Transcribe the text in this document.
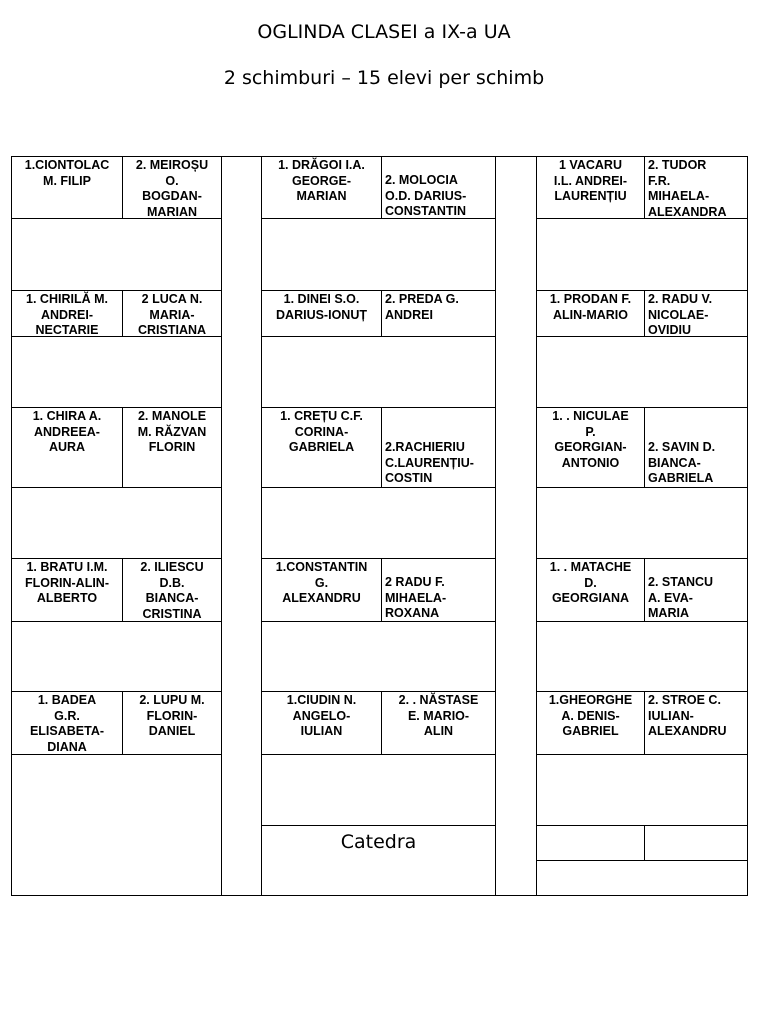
OGLINDA CLASEI a IX-a UA
2 schimburi – 15 elevi per schimb
1.CIONTOLAC
M. FILIP
2. MEIROȘU
O.
BOGDAN-
MARIAN
1. DRĂGOI I.A.
GEORGE-
MARIAN
2. MOLOCIA
O.D. DARIUS-
CONSTANTIN
1 VACARU
I.L. ANDREI-
LAURENȚIU
2. TUDOR
F.R.
MIHAELA-
ALEXANDRA
1. CHIRILĂ M.
ANDREI-
NECTARIE
2 LUCA N.
MARIA-
CRISTIANA
1. DINEI S.O.
DARIUS-IONUȚ
2. PREDA G.
ANDREI
1. PRODAN F.
ALIN-MARIO
2. RADU V.
NICOLAE-
OVIDIU
1. CHIRA A.
ANDREEA-
AURA
2. MANOLE
M. RĂZVAN
FLORIN
1. CREȚU C.F.
CORINA-
GABRIELA	2.RACHIERIU
C.LAURENȚIU-
COSTIN
1. . NICULAE
P.
GEORGIAN-
ANTONIO
2. SAVIN D.
BIANCA-
GABRIELA
1. BRATU I.M.
FLORIN-ALIN-
ALBERTO
2. ILIESCU
D.B.
BIANCA-
CRISTINA
1.CONSTANTIN
G.
ALEXANDRU
2 RADU F.
MIHAELA-
ROXANA
1. . MATACHE
D.
GEORGIANA
2. STANCU
A. EVA-
MARIA
1. BADEA
G.R.
ELISABETA-
DIANA
2. LUPU M.
FLORIN-
DANIEL
1.CIUDIN N.
ANGELO-
IULIAN
2. . NĂSTASE
E. MARIO-
ALIN
1.GHEORGHE
A. DENIS-
GABRIEL
2. STROE C.
IULIAN-
ALEXANDRU
Catedra
